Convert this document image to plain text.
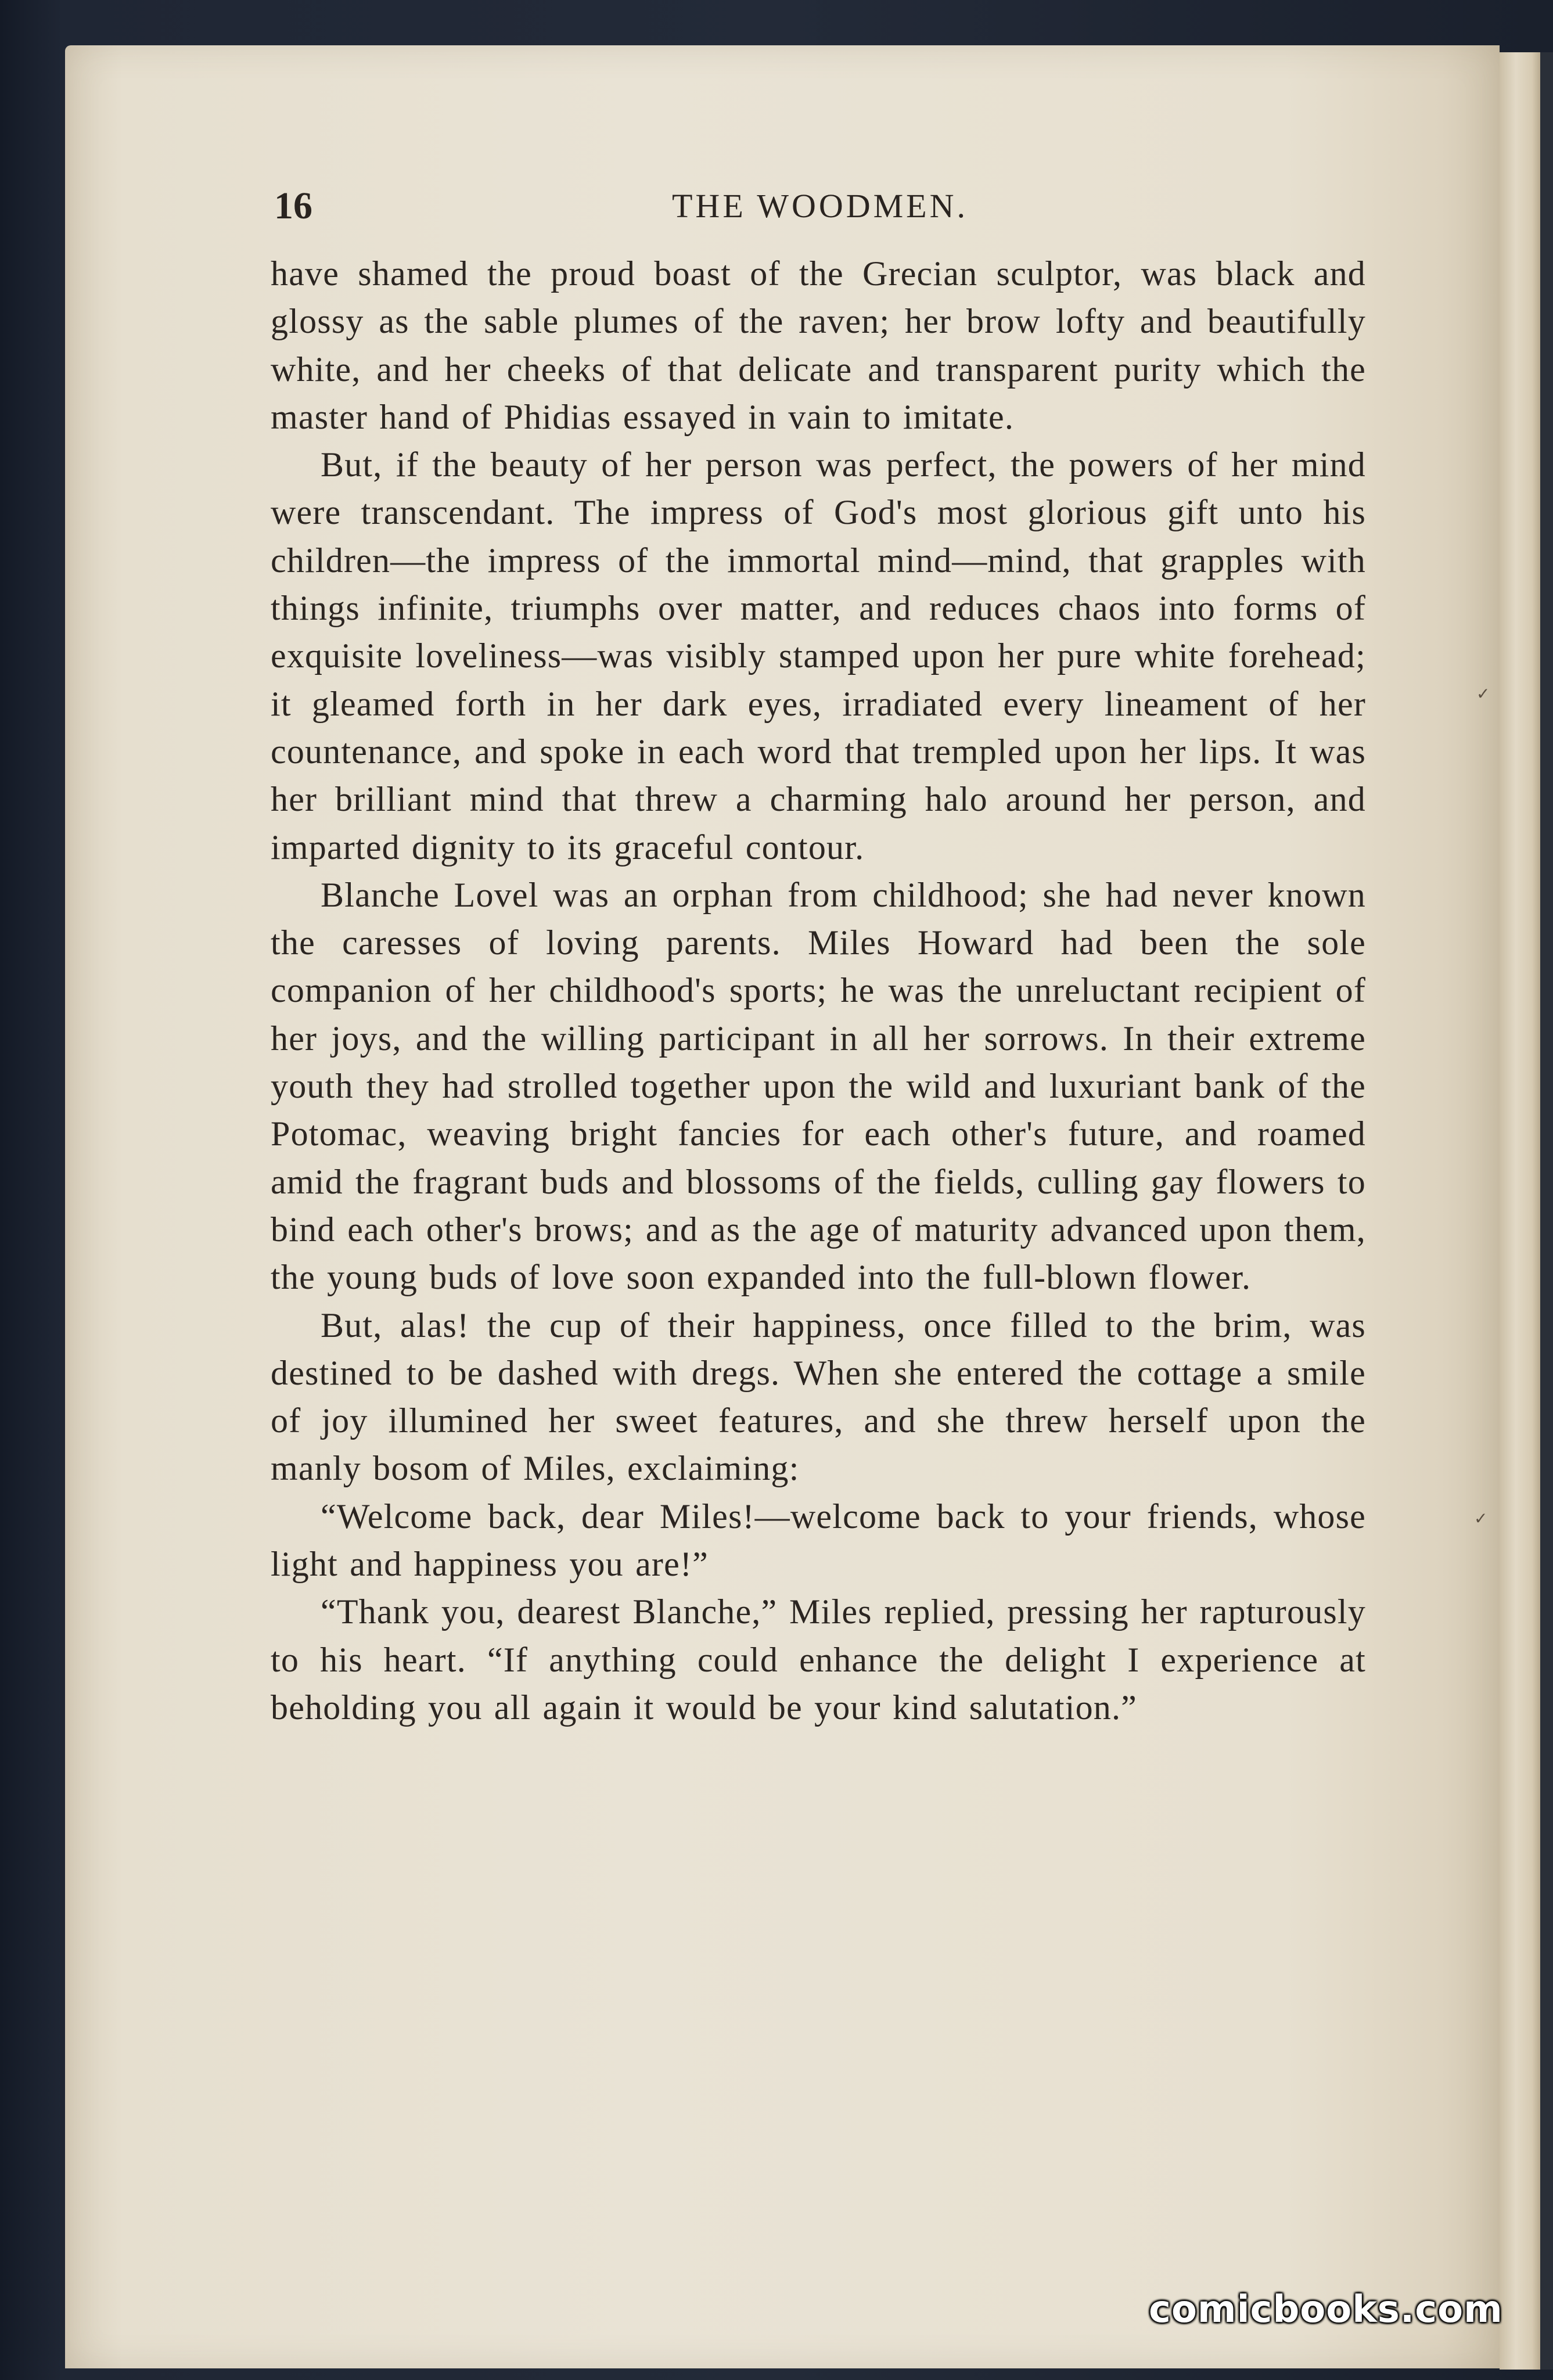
16	THE WOODMEN.

have shamed the proud boast of the Grecian sculptor, was black and glossy as the sable plumes of the raven; her brow lofty and beautifully white, and her cheeks of that delicate and transparent purity which the master hand of Phidias essayed in vain to imitate.

But, if the beauty of her person was perfect, the powers of her mind were transcendant. The impress of God's most glorious gift unto his children—the impress of the immortal mind—mind, that grapples with things infinite, triumphs over matter, and reduces chaos into forms of exquisite loveliness—was visibly stamped upon her pure white forehead; it gleamed forth in her dark eyes, irradiated every lineament of her countenance, and spoke in each word that trempled upon her lips. It was her brilliant mind that threw a charming halo around her person, and imparted dignity to its graceful contour.

Blanche Lovel was an orphan from childhood; she had never known the caresses of loving parents. Miles Howard had been the sole companion of her childhood's sports; he was the unreluctant recipient of her joys, and the willing participant in all her sorrows. In their extreme youth they had strolled together upon the wild and luxuriant bank of the Potomac, weaving bright fancies for each other's future, and roamed amid the fragrant buds and blossoms of the fields, culling gay flowers to bind each other's brows; and as the age of maturity advanced upon them, the young buds of love soon expanded into the full-blown flower.

But, alas! the cup of their happiness, once filled to the brim, was destined to be dashed with dregs. When she entered the cottage a smile of joy illumined her sweet features, and she threw herself upon the manly bosom of Miles, exclaiming:

“Welcome back, dear Miles!—welcome back to your friends, whose light and happiness you are!”

“Thank you, dearest Blanche,” Miles replied, pressing her rapturously to his heart. “If anything could enhance the delight I experience at beholding you all again it would be your kind salutation.”

✓
✓
comicbooks.com
